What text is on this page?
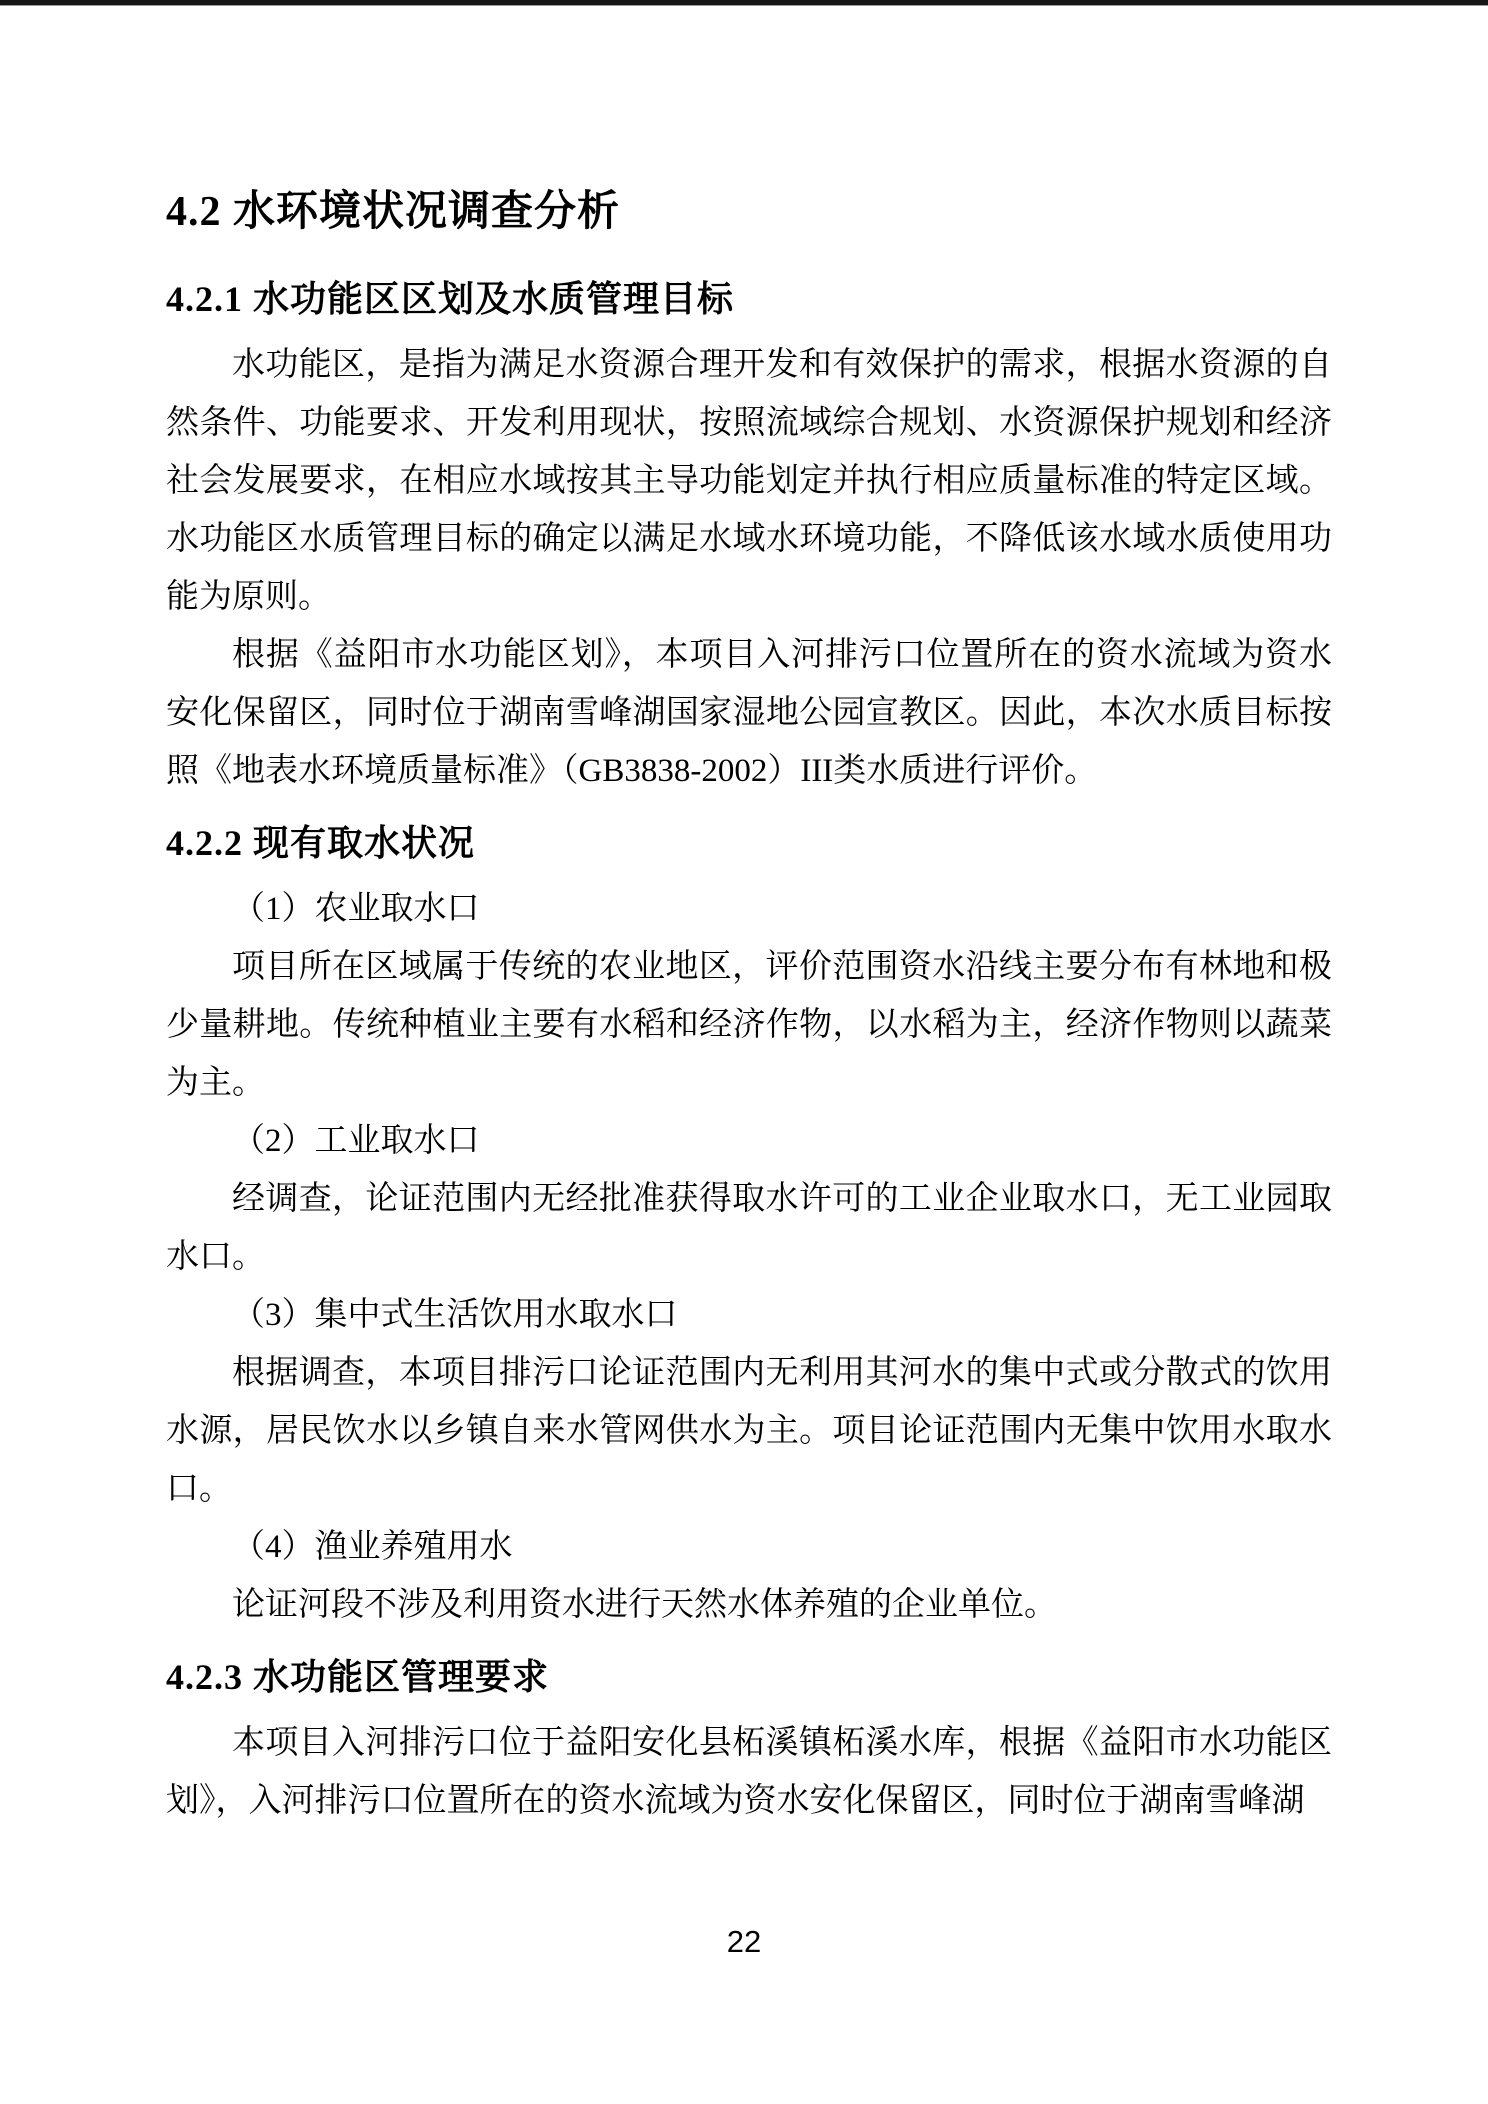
4.2 水环境状况调查分析
4.2.1 水功能区区划及水质管理目标

水功能区，是指为满足水资源合理开发和有效保护的需求，根据水资源的自然条件、功能要求、开发利用现状，按照流域综合规划、水资源保护规划和经济社会发展要求，在相应水域按其主导功能划定并执行相应质量标准的特定区域。水功能区水质管理目标的确定以满足水域水环境功能，不降低该水域水质使用功能为原则。

根据《益阳市水功能区划》，本项目入河排污口位置所在的资水流域为资水安化保留区，同时位于湖南雪峰湖国家湿地公园宣教区。因此，本次水质目标按照《地表水环境质量标准》（GB3838-2002）III类水质进行评价。

4.2.2 现有取水状况

（1）农业取水口

项目所在区域属于传统的农业地区，评价范围资水沿线主要分布有林地和极少量耕地。传统种植业主要有水稻和经济作物，以水稻为主，经济作物则以蔬菜为主。

（2）工业取水口

经调查，论证范围内无经批准获得取水许可的工业企业取水口，无工业园取水口。

（3）集中式生活饮用水取水口

根据调查，本项目排污口论证范围内无利用其河水的集中式或分散式的饮用水源，居民饮水以乡镇自来水管网供水为主。项目论证范围内无集中饮用水取水口。

（4）渔业养殖用水

论证河段不涉及利用资水进行天然水体养殖的企业单位。

4.2.3 水功能区管理要求

本项目入河排污口位于益阳安化县柘溪镇柘溪水库，根据《益阳市水功能区划》，入河排污口位置所在的资水流域为资水安化保留区，同时位于湖南雪峰湖

22
